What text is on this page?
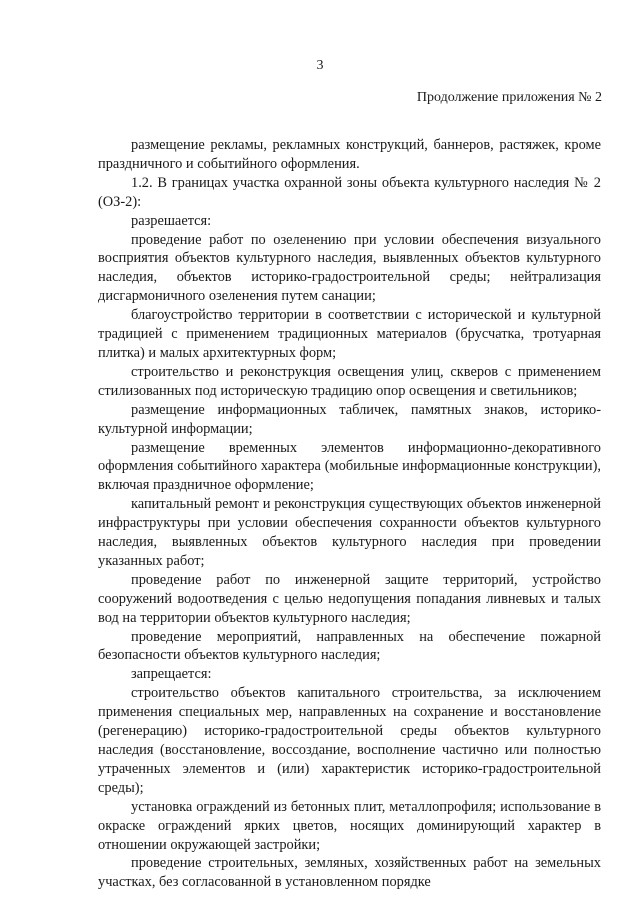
3
Продолжение приложения № 2

размещение рекламы, рекламных конструкций, баннеров, растяжек, кроме праздничного и событийного оформления.

1.2. В границах участка охранной зоны объекта культурного наследия № 2 (ОЗ-2):

разрешается:

проведение работ по озеленению при условии обеспечения визуального восприятия объектов культурного наследия, выявленных объектов культурного наследия, объектов историко-градостроительной среды; нейтрализация дисгармоничного озеленения путем санации;

благоустройство территории в соответствии с исторической и культурной традицией с применением традиционных материалов (брусчатка, тротуарная плитка) и малых архитектурных форм;

строительство и реконструкция освещения улиц, скверов с применением стилизованных под историческую традицию опор освещения и светильников;

размещение информационных табличек, памятных знаков, историко-культурной информации;

размещение временных элементов информационно-декоративного оформления событийного характера (мобильные информационные конструкции), включая праздничное оформление;

капитальный ремонт и реконструкция существующих объектов инженерной инфраструктуры при условии обеспечения сохранности объектов культурного наследия, выявленных объектов культурного наследия при проведении указанных работ;

проведение работ по инженерной защите территорий, устройство сооружений водоотведения с целью недопущения попадания ливневых и талых вод на территории объектов культурного наследия;

проведение мероприятий, направленных на обеспечение пожарной безопасности объектов культурного наследия;

запрещается:

строительство объектов капитального строительства, за исключением применения специальных мер, направленных на сохранение и восстановление (регенерацию) историко-градостроительной среды объектов культурного наследия (восстановление, воссоздание, восполнение частично или полностью утраченных элементов и (или) характеристик историко-градостроительной среды);

установка ограждений из бетонных плит, металлопрофиля; использование в окраске ограждений ярких цветов, носящих доминирующий характер в отношении окружающей застройки;

проведение строительных, земляных, хозяйственных работ на земельных участках, без согласованной в установленном порядке
